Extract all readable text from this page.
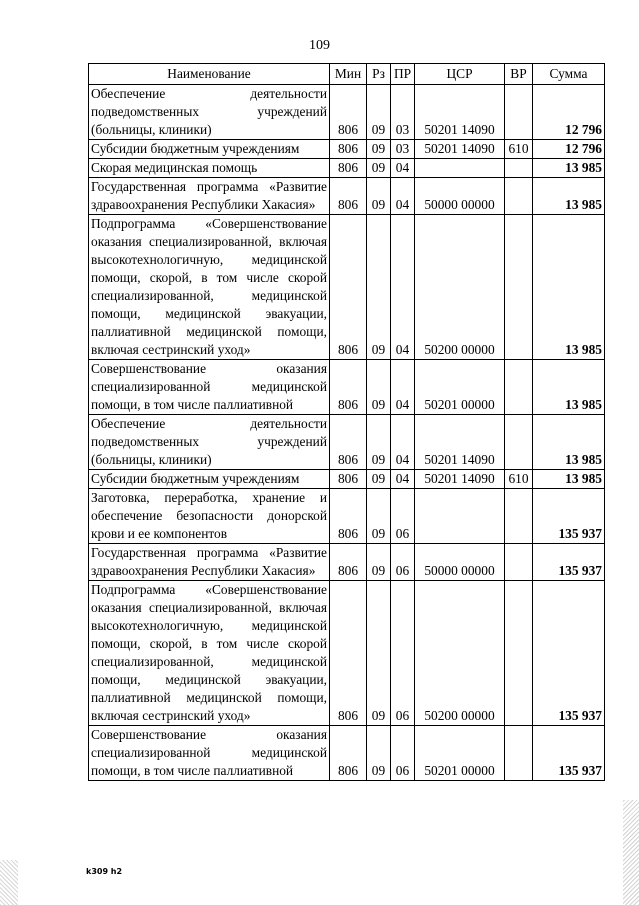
109
Наименование	Мин	Рз	ПР	ЦСР	ВР	Сумма
Обеспечение деятельности подведомственных учреждений (больницы, клиники)	806	09	03	50201 14090		12 796
Субсидии бюджетным учреждениям	806	09	03	50201 14090	610	12 796
Скорая медицинская помощь	806	09	04			13 985
Государственная программа «Развитие здравоохранения Республики Хакасия»	806	09	04	50000 00000		13 985
Подпрограмма «Совершенствование оказания специализированной, включая высокотехнологичную, медицинской помощи, скорой, в том числе скорой специализированной, медицинской помощи, медицинской эвакуации, паллиативной медицинской помощи, включая сестринский уход»	806	09	04	50200 00000		13 985
Совершенствование оказания специализированной медицинской помощи, в том числе паллиативной	806	09	04	50201 00000		13 985
Обеспечение деятельности подведомственных учреждений (больницы, клиники)	806	09	04	50201 14090		13 985
Субсидии бюджетным учреждениям	806	09	04	50201 14090	610	13 985
Заготовка, переработка, хранение и обеспечение безопасности донорской крови и ее компонентов	806	09	06			135 937
Государственная программа «Развитие здравоохранения Республики Хакасия»	806	09	06	50000 00000		135 937
Подпрограмма «Совершенствование оказания специализированной, включая высокотехнологичную, медицинской помощи, скорой, в том числе скорой специализированной, медицинской помощи, медицинской эвакуации, паллиативной медицинской помощи, включая сестринский уход»	806	09	06	50200 00000		135 937
Совершенствование оказания специализированной медицинской помощи, в том числе паллиативной	806	09	06	50201 00000		135 937
k309 h2
